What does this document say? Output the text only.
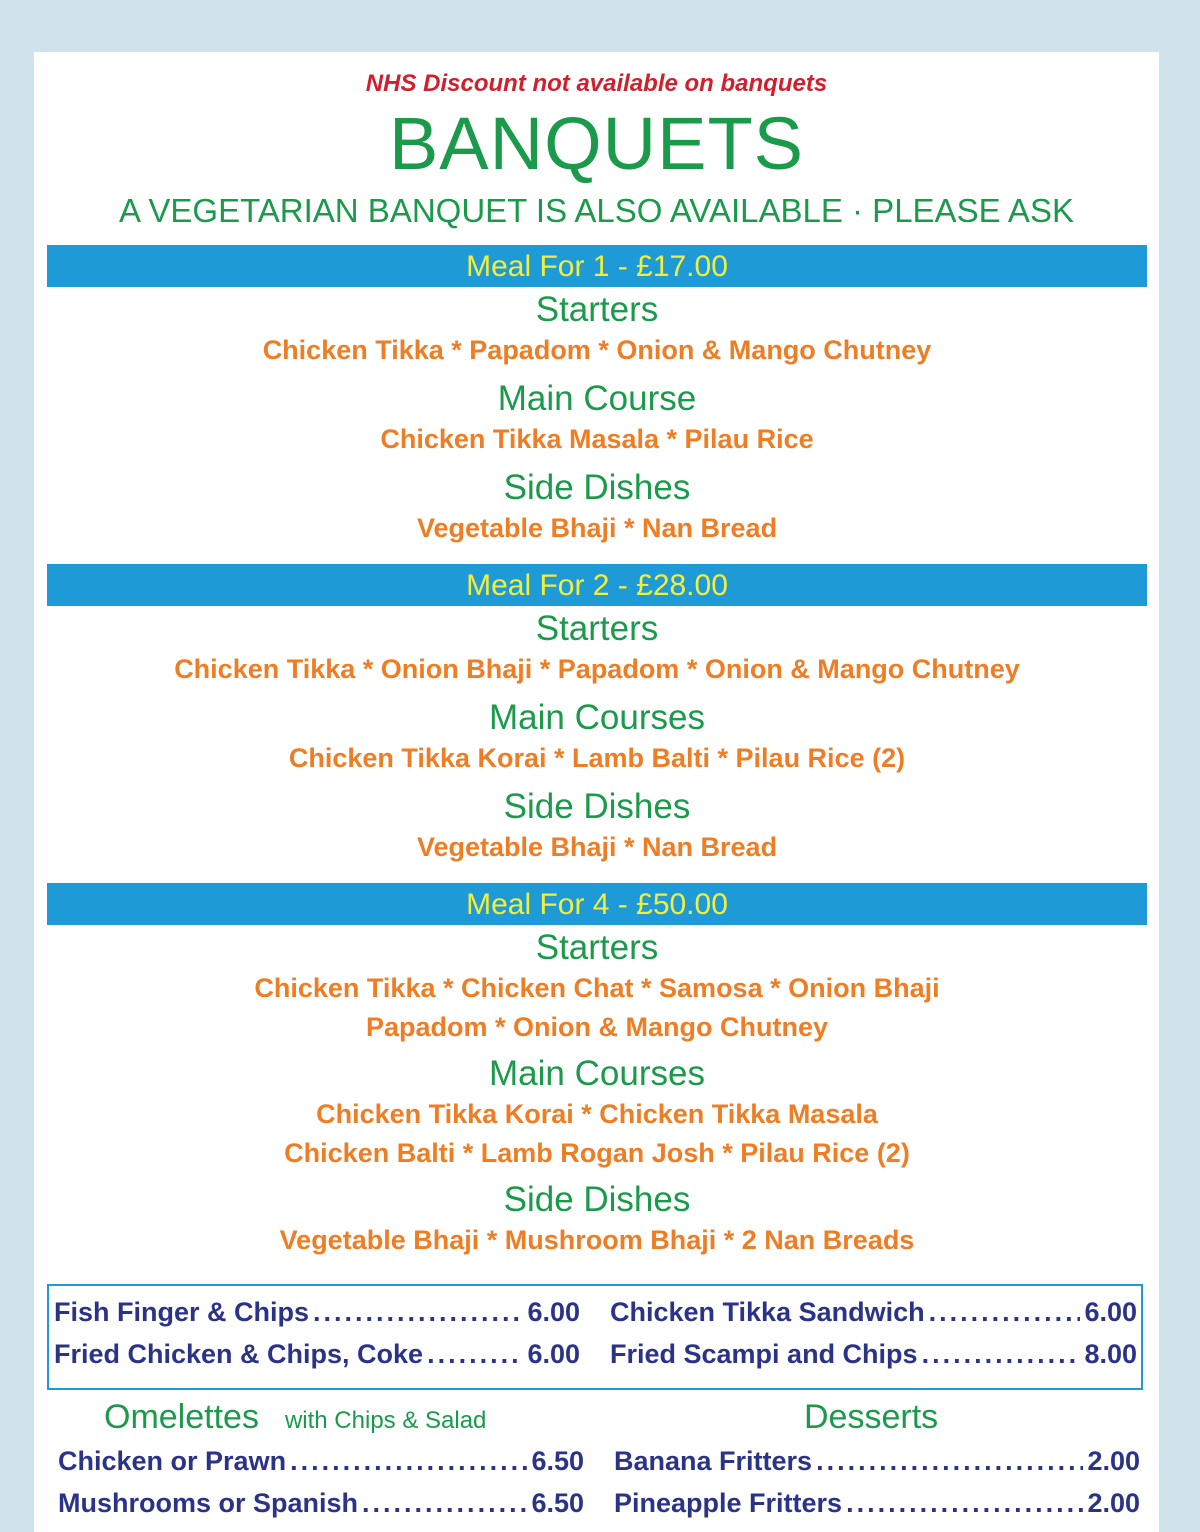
NHS Discount not available on banquets
BANQUETS
A VEGETARIAN BANQUET IS ALSO AVAILABLE · PLEASE ASK
Meal For 1 - £17.00
Starters
Chicken Tikka * Papadom * Onion & Mango Chutney
Main Course
Chicken Tikka Masala * Pilau Rice
Side Dishes
Vegetable Bhaji * Nan Bread
Meal For 2 - £28.00
Starters
Chicken Tikka * Onion Bhaji * Papadom * Onion & Mango Chutney
Main Courses
Chicken Tikka Korai * Lamb Balti * Pilau Rice (2)
Side Dishes
Vegetable Bhaji * Nan Bread
Meal For 4 - £50.00
Starters
Chicken Tikka * Chicken Chat * Samosa * Onion Bhaji
Papadom * Onion & Mango Chutney
Main Courses
Chicken Tikka Korai * Chicken Tikka Masala
Chicken Balti * Lamb Rogan Josh * Pilau Rice (2)
Side Dishes
Vegetable Bhaji * Mushroom Bhaji * 2 Nan Breads
Fish Finger & Chips .....	6.00
Fried Chicken & Chips, Coke .....	6.00
Chicken Tikka Sandwich .....	6.00
Fried Scampi and Chips .....	8.00
Omelettes with Chips & Salad
Chicken or Prawn .....	6.50
Mushrooms or Spanish .....	6.50
Desserts
Banana Fritters .....	2.00
Pineapple Fritters .....	2.00
